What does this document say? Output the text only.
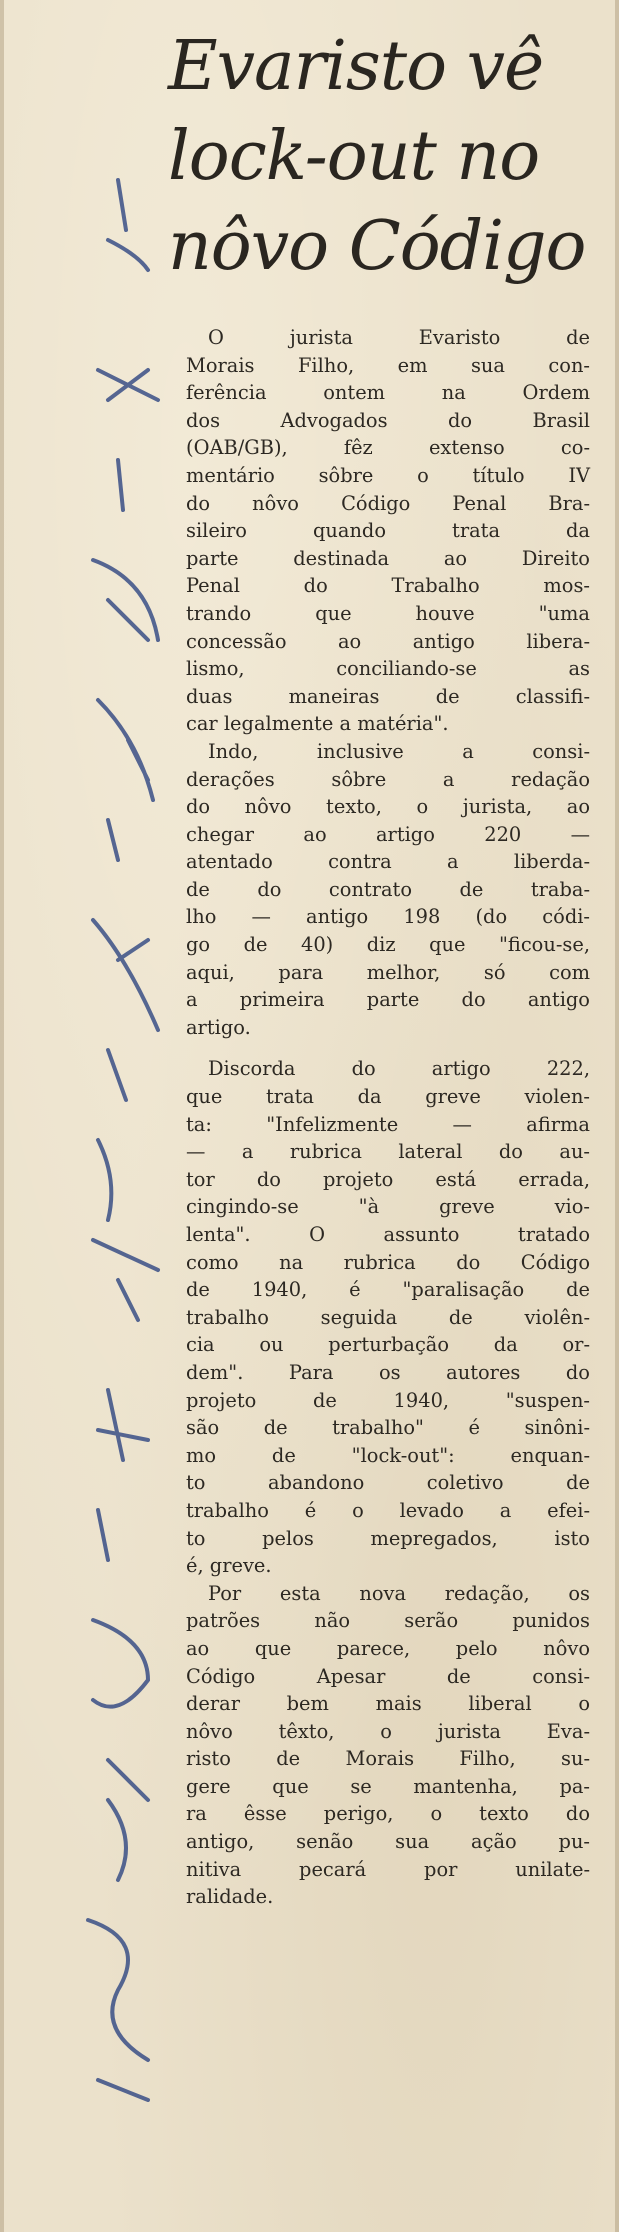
Evaristo vê
lock-out no
nôvo Código
O jurista Evaristo de
Morais Filho, em sua con-
ferência ontem na Ordem
dos Advogados do Brasil
(OAB/GB), fêz extenso co-
mentário sôbre o título IV
do nôvo Código Penal Bra-
sileiro quando trata da
parte destinada ao Direito
Penal do Trabalho mos-
trando que houve "uma
concessão ao antigo libera-
lismo, conciliando-se as
duas maneiras de classifi-
car legalmente a matéria".
Indo, inclusive a consi-
derações sôbre a redação
do nôvo texto, o jurista, ao
chegar ao artigo 220 —
atentado contra a liberda-
de do contrato de traba-
lho — antigo 198 (do códi-
go de 40) diz que "ficou-se,
aqui, para melhor, só com
a primeira parte do antigo
artigo.
Discorda do artigo 222,
que trata da greve violen-
ta: "Infelizmente — afirma
— a rubrica lateral do au-
tor do projeto está errada,
cingindo-se "à greve vio-
lenta". O assunto tratado
como na rubrica do Código
de 1940, é "paralisação de
trabalho seguida de violên-
cia ou perturbação da or-
dem". Para os autores do
projeto de 1940, "suspen-
são de trabalho" é sinôni-
mo de "lock-out": enquan-
to abandono coletivo de
trabalho é o levado a efei-
to pelos mepregados, isto
é, greve.
Por esta nova redação, os
patrões não serão punidos
ao que parece, pelo nôvo
Código Apesar de consi-
derar bem mais liberal o
nôvo têxto, o jurista Eva-
risto de Morais Filho, su-
gere que se mantenha, pa-
ra êsse perigo, o texto do
antigo, senão sua ação pu-
nitiva pecará por unilate-
ralidade.
